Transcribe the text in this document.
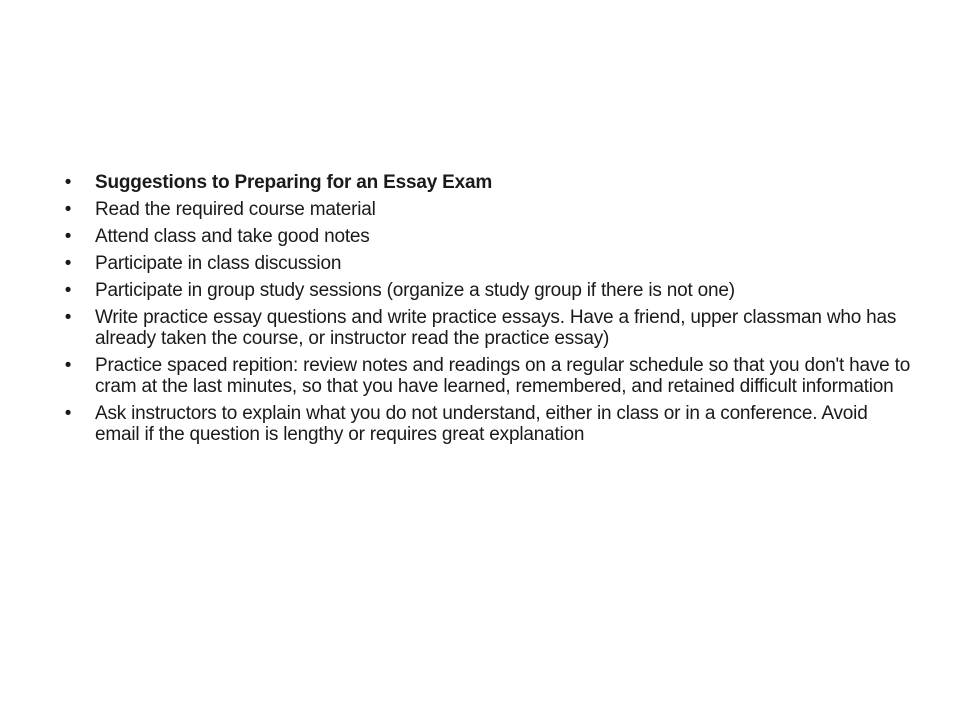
• Suggestions to Preparing for an Essay Exam
• Read the required course material
• Attend class and take good notes
• Participate in class discussion
• Participate in group study sessions (organize a study group if there is not one)
• Write practice essay questions and write practice essays. Have a friend, upper classman who has already taken the course, or instructor read the practice essay)
• Practice spaced repition: review notes and readings on a regular schedule so that you don't have to cram at the last minutes, so that you have learned, remembered, and retained difficult information
• Ask instructors to explain what you do not understand, either in class or in a conference. Avoid email if the question is lengthy or requires great explanation
